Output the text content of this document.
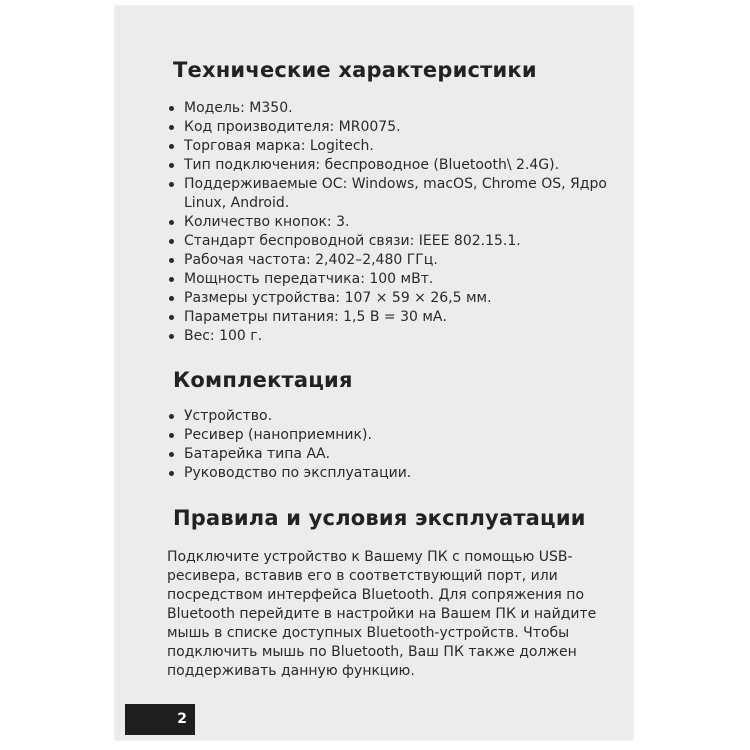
Технические характеристики
Модель: M350.
Код производителя: MR0075.
Торговая марка: Logitech.
Тип подключения: беспроводное (Bluetooth\ 2.4G).
Поддерживаемые ОС: Windows, macOS, Chrome OS, Ядро Linux, Android.
Количество кнопок: 3.
Стандарт беспроводной связи: IEEE 802.15.1.
Рабочая частота: 2,402–2,480 ГГц.
Мощность передатчика: 100 мВт.
Размеры устройства: 107 × 59 × 26,5 мм.
Параметры питания: 1,5 В = 30 мА.
Вес: 100 г.
Комплектация
Устройство.
Ресивер (наноприемник).
Батарейка типа АА.
Руководство по эксплуатации.
Правила и условия эксплуатации

Подключите устройство к Вашему ПК с помощью USB-ресивера, вставив его в соответствующий порт, или посредством интерфейса Bluetooth. Для сопряжения по Bluetooth перейдите в настройки на Вашем ПК и найдите мышь в списке доступных Bluetooth-устройств. Чтобы подключить мышь по Bluetooth, Ваш ПК также должен поддерживать данную функцию.

2
